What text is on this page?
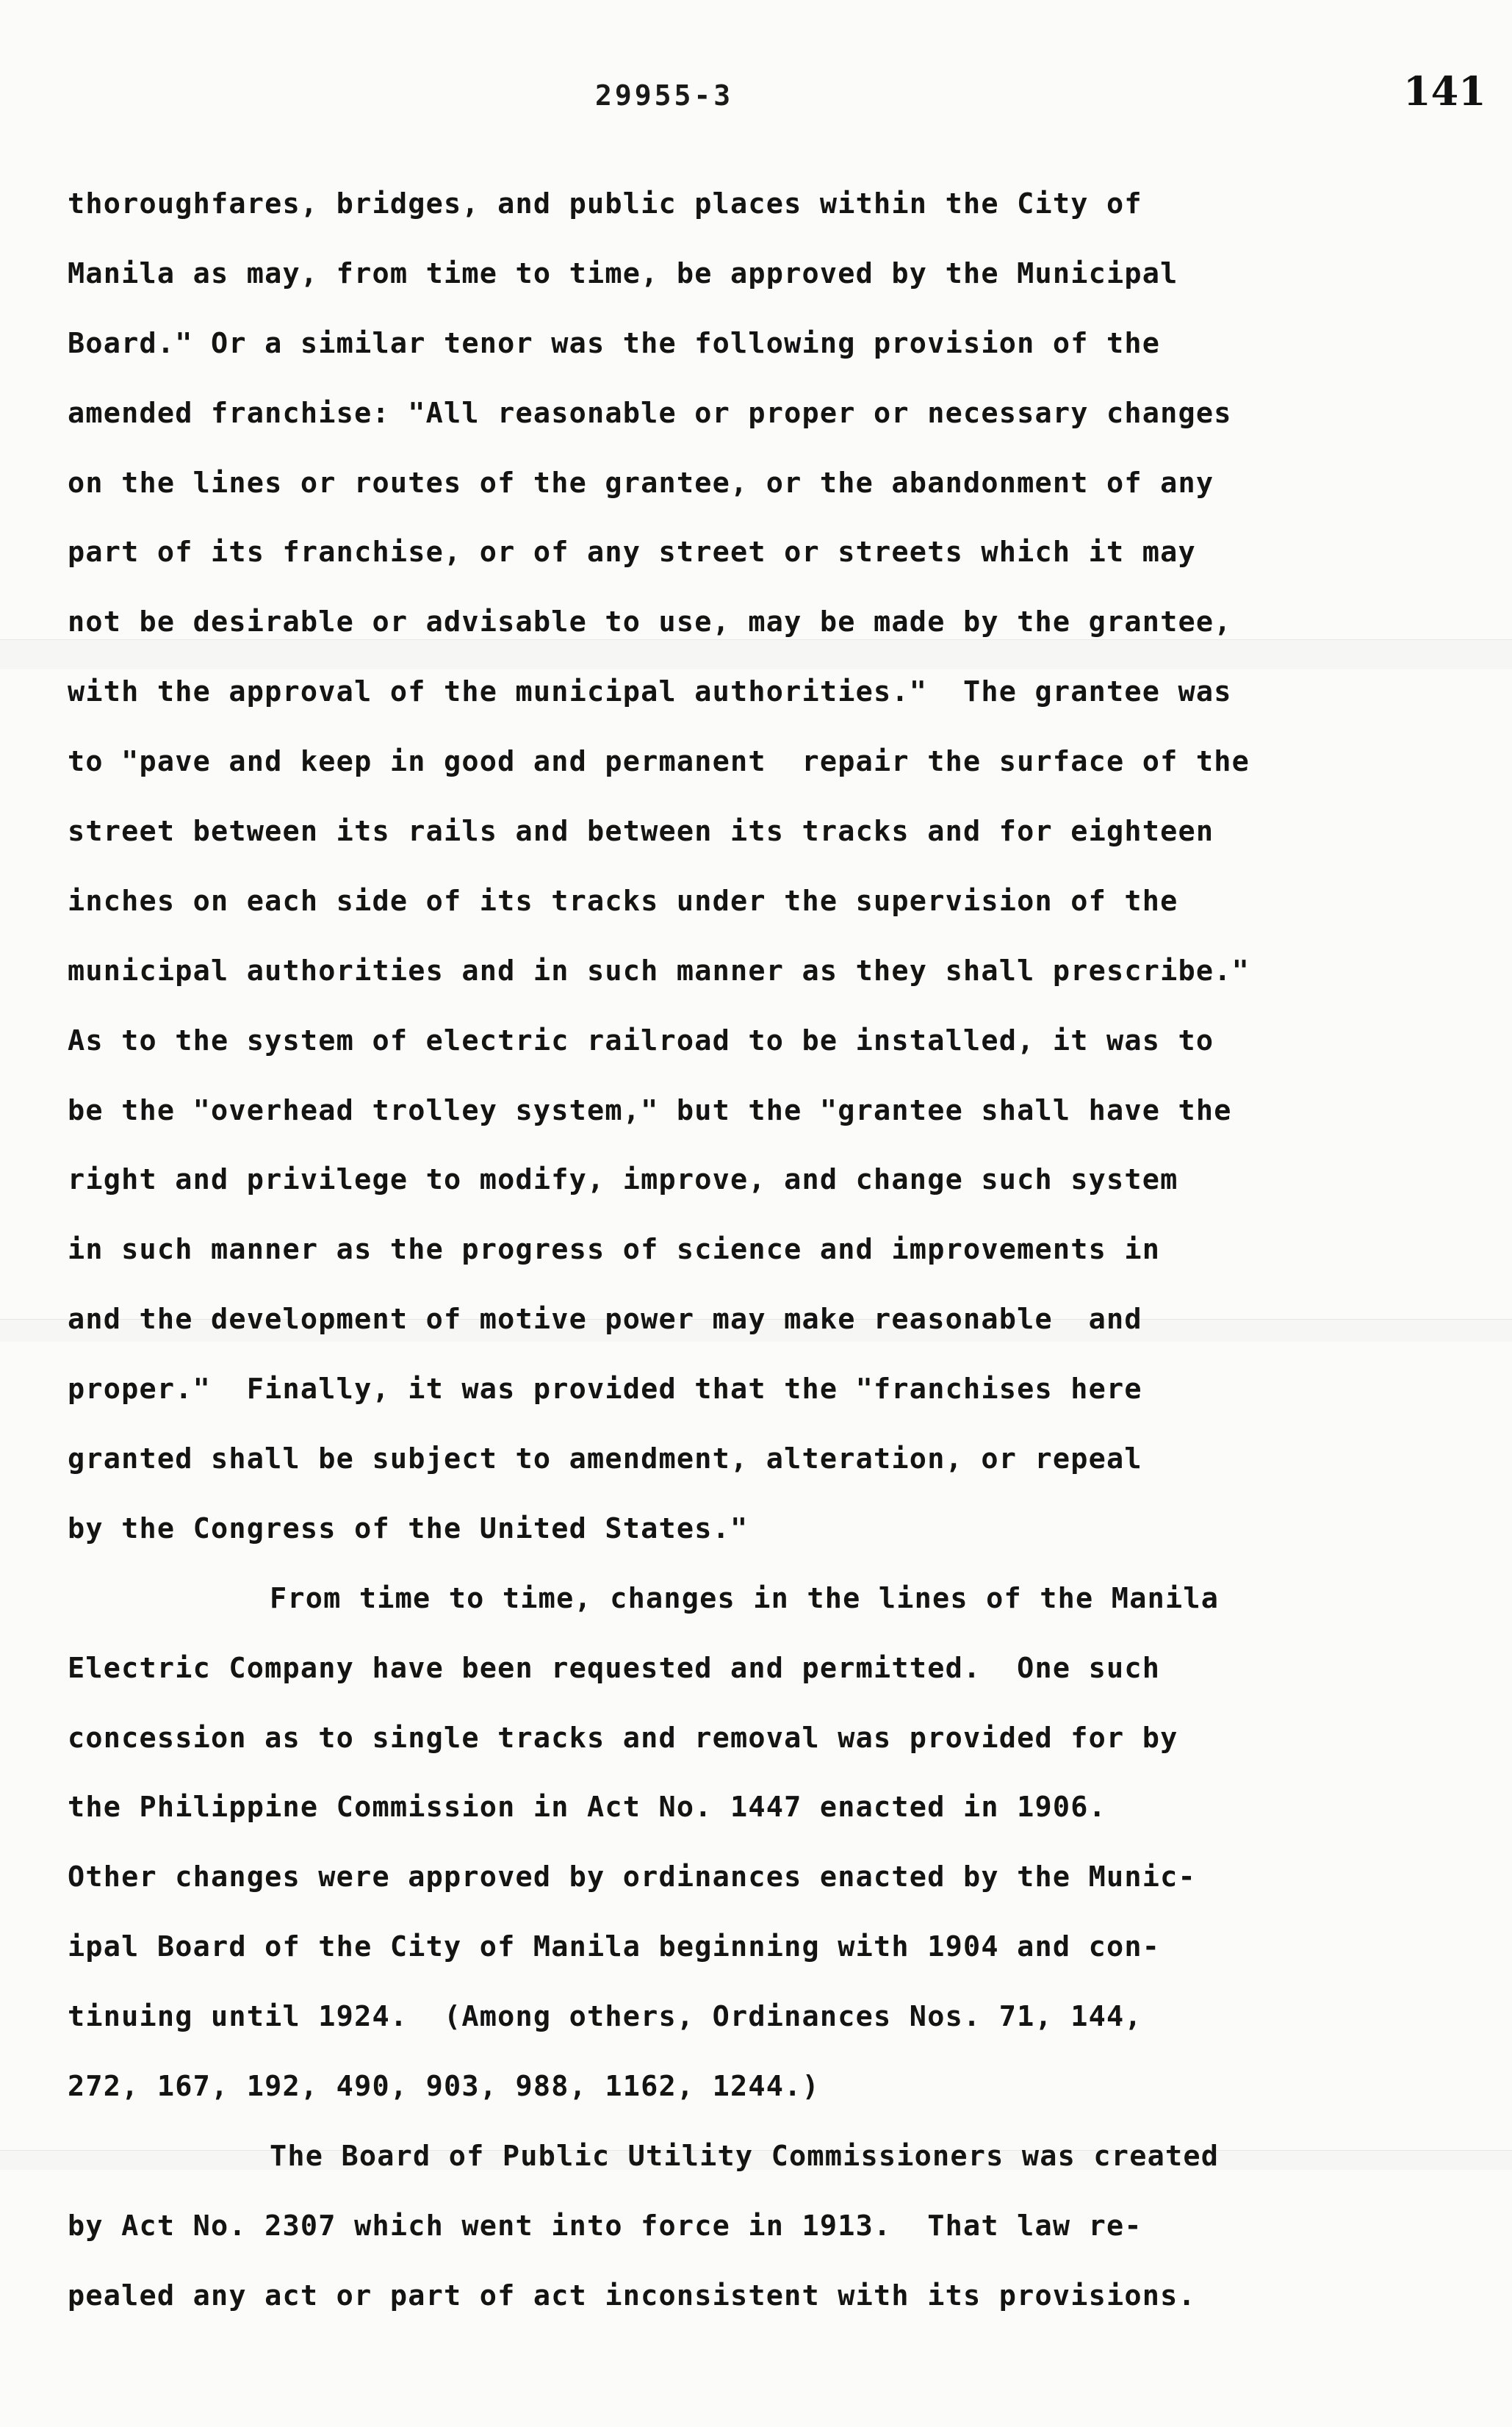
29955-3	141
thoroughfares, bridges, and public places within the City of
Manila as may, from time to time, be approved by the Municipal
Board." Or a similar tenor was the following provision of the
amended franchise: "All reasonable or proper or necessary changes
on the lines or routes of the grantee, or the abandonment of any
part of its franchise, or of any street or streets which it may
not be desirable or advisable to use, may be made by the grantee,
with the approval of the municipal authorities."  The grantee was
to "pave and keep in good and permanent  repair the surface of the
street between its rails and between its tracks and for eighteen
inches on each side of its tracks under the supervision of the
municipal authorities and in such manner as they shall prescribe."
As to the system of electric railroad to be installed, it was to
be the "overhead trolley system," but the "grantee shall have the
right and privilege to modify, improve, and change such system
in such manner as the progress of science and improvements in
and the development of motive power may make reasonable  and
proper."  Finally, it was provided that the "franchises here
granted shall be subject to amendment, alteration, or repeal
by the Congress of the United States."
From time to time, changes in the lines of the Manila
Electric Company have been requested and permitted.  One such
concession as to single tracks and removal was provided for by
the Philippine Commission in Act No. 1447 enacted in 1906.
Other changes were approved by ordinances enacted by the Munic-
ipal Board of the City of Manila beginning with 1904 and con-
tinuing until 1924.  (Among others, Ordinances Nos. 71, 144,
272, 167, 192, 490, 903, 988, 1162, 1244.)
The Board of Public Utility Commissioners was created
by Act No. 2307 which went into force in 1913.  That law re-
pealed any act or part of act inconsistent with its provisions.
